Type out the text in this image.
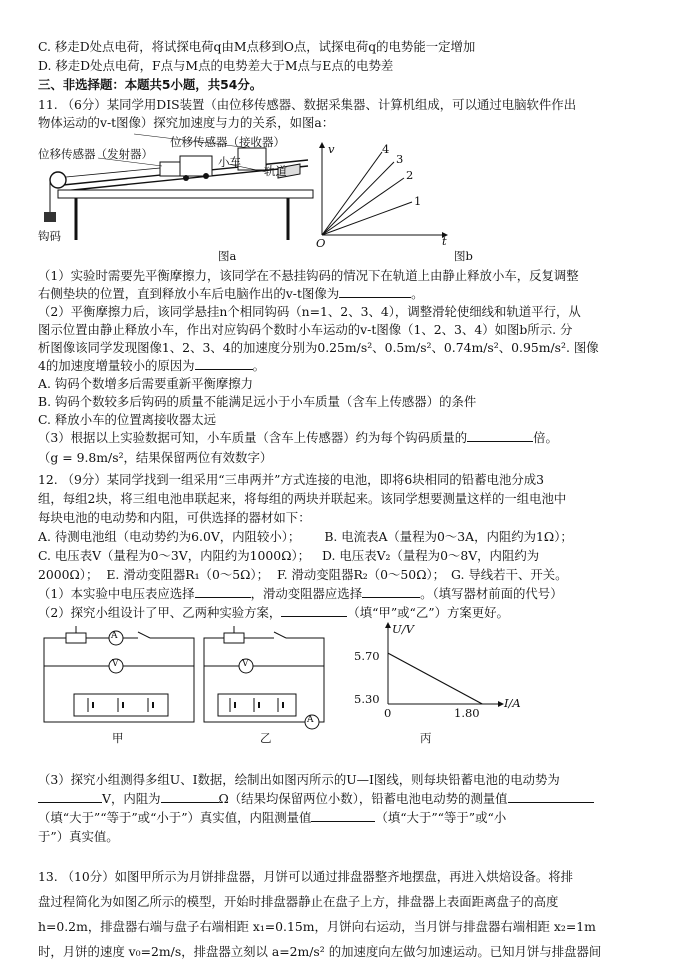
C. 移走D处点电荷，将试探电荷q由M点移到O点，试探电荷q的电势能一定增加
D. 移走D处点电荷，F点与M点的电势差大于M点与E点的电势差
三、非选择题：本题共5小题，共54分。
11. （6分）某同学用DIS装置（由位移传感器、数据采集器、计算机组成，可以通过电脑软件作出
物体运动的v-t图像）探究加速度与力的关系，如图a：
位移传感器（接收器）
位移传感器（发射器）
小车
轨道
钩码
图a
v
t
O
4
3
2
1
图b
（1）实验时需要先平衡摩擦力，该同学在不悬挂钩码的情况下在轨道上由静止释放小车，反复调整
右侧垫块的位置，直到释放小车后电脑作出的v-t图像为	。
（2）平衡摩擦力后，该同学悬挂n个相同钩码（n=1、2、3、4），调整滑轮使细线和轨道平行，从
图示位置由静止释放小车，作出对应钩码个数时小车运动的v-t图像（1、2、3、4）如图b所示. 分
析图像该同学发现图像1、2、3、4的加速度分别为0.25m/s²、0.5m/s²、0.74m/s²、0.95m/s². 图像
4的加速度增量较小的原因为	。
A. 钩码个数增多后需要重新平衡摩擦力
B. 钩码个数较多后钩码的质量不能满足远小于小车质量（含车上传感器）的条件
C. 释放小车的位置离接收器太远
（3）根据以上实验数据可知，小车质量（含车上传感器）约为每个钩码质量的	倍。
（g = 9.8m/s²，结果保留两位有效数字）
12. （9分）某同学找到一组采用“三串两并”方式连接的电池，即将6块相同的铅蓄电池分成3
组，每组2块，将三组电池串联起来，将每组的两块并联起来。该同学想要测量这样的一组电池中
每块电池的电动势和内阻，可供选择的器材如下：
A. 待测电池组（电动势约为6.0V，内阻较小）； B. 电流表A（量程为0～3A，内阻约为1Ω）；
C. 电压表V（量程为0～3V，内阻约为1000Ω）； D. 电压表V₂（量程为0～8V，内阻约为
2000Ω）； E. 滑动变阻器R₁（0～5Ω）； F. 滑动变阻器R₂（0～50Ω）； G. 导线若干、开关。
（1）本实验中电压表应选择	，滑动变阻器应选择	。（填写器材前面的代号）
（2）探究小组设计了甲、乙两种实验方案，	（填“甲”或“乙”）方案更好。
A
V	V
A
甲	乙
U/V
I/A
5.70
5.30
0	1.80
丙
（3）探究小组测得多组U、I数据，绘制出如图丙所示的U—I图线，则每块铅蓄电池的电动势为
V，内阻为	Ω（结果均保留两位小数），铅蓄电池电动势的测量值
（填“大于”“等于”或“小于”）真实值，内阻测量值	（填“大于”“等于”或“小
于”）真实值。
13. （10分）如图甲所示为月饼排盘器，月饼可以通过排盘器整齐地摆盘，再进入烘焙设备。将排
盘过程简化为如图乙所示的模型，开始时排盘器静止在盘子上方，排盘器上表面距离盘子的高度
h=0.2m，排盘器右端与盘子右端相距 x₁=0.15m，月饼向右运动，当月饼与排盘器右端相距 x₂=1m
时，月饼的速度 v₀=2m/s，排盘器立刻以 a=2m/s² 的加速度向左做匀加速运动。已知月饼与排盘器间
